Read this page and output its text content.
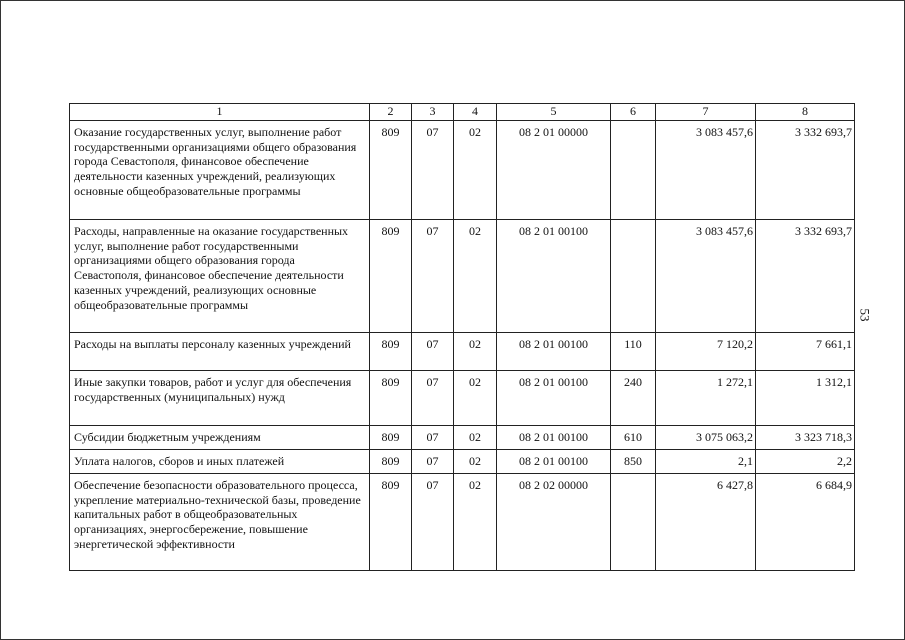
1	2	3	4	5	6	7	8
Оказание государственных услуг, выполнение работ государственными организациями общего образования города Севастополя, финансовое обеспечение деятельности казенных учреждений, реализующих основные общеобразовательные программы	809	07	02	08 2 01 00000		3 083 457,6	3 332 693,7
Расходы, направленные на оказание государственных услуг, выполнение работ государственными организациями общего образования города Севастополя, финансовое обеспечение деятельности казенных учреждений, реализующих основные общеобразовательные программы	809	07	02	08 2 01 00100		3 083 457,6	3 332 693,7
Расходы на выплаты персоналу казенных учреждений	809	07	02	08 2 01 00100	110	7 120,2	7 661,1
Иные закупки товаров, работ и услуг для обеспечения государственных (муниципальных) нужд	809	07	02	08 2 01 00100	240	1 272,1	1 312,1
Субсидии бюджетным учреждениям	809	07	02	08 2 01 00100	610	3 075 063,2	3 323 718,3
Уплата налогов, сборов и иных платежей	809	07	02	08 2 01 00100	850	2,1	2,2
Обеспечение безопасности образовательного процесса, укрепление материально-технической базы, проведение капитальных работ в общеобразовательных организациях, энергосбережение, повышение энергетической эффективности	809	07	02	08 2 02 00000		6 427,8	6 684,9
53
